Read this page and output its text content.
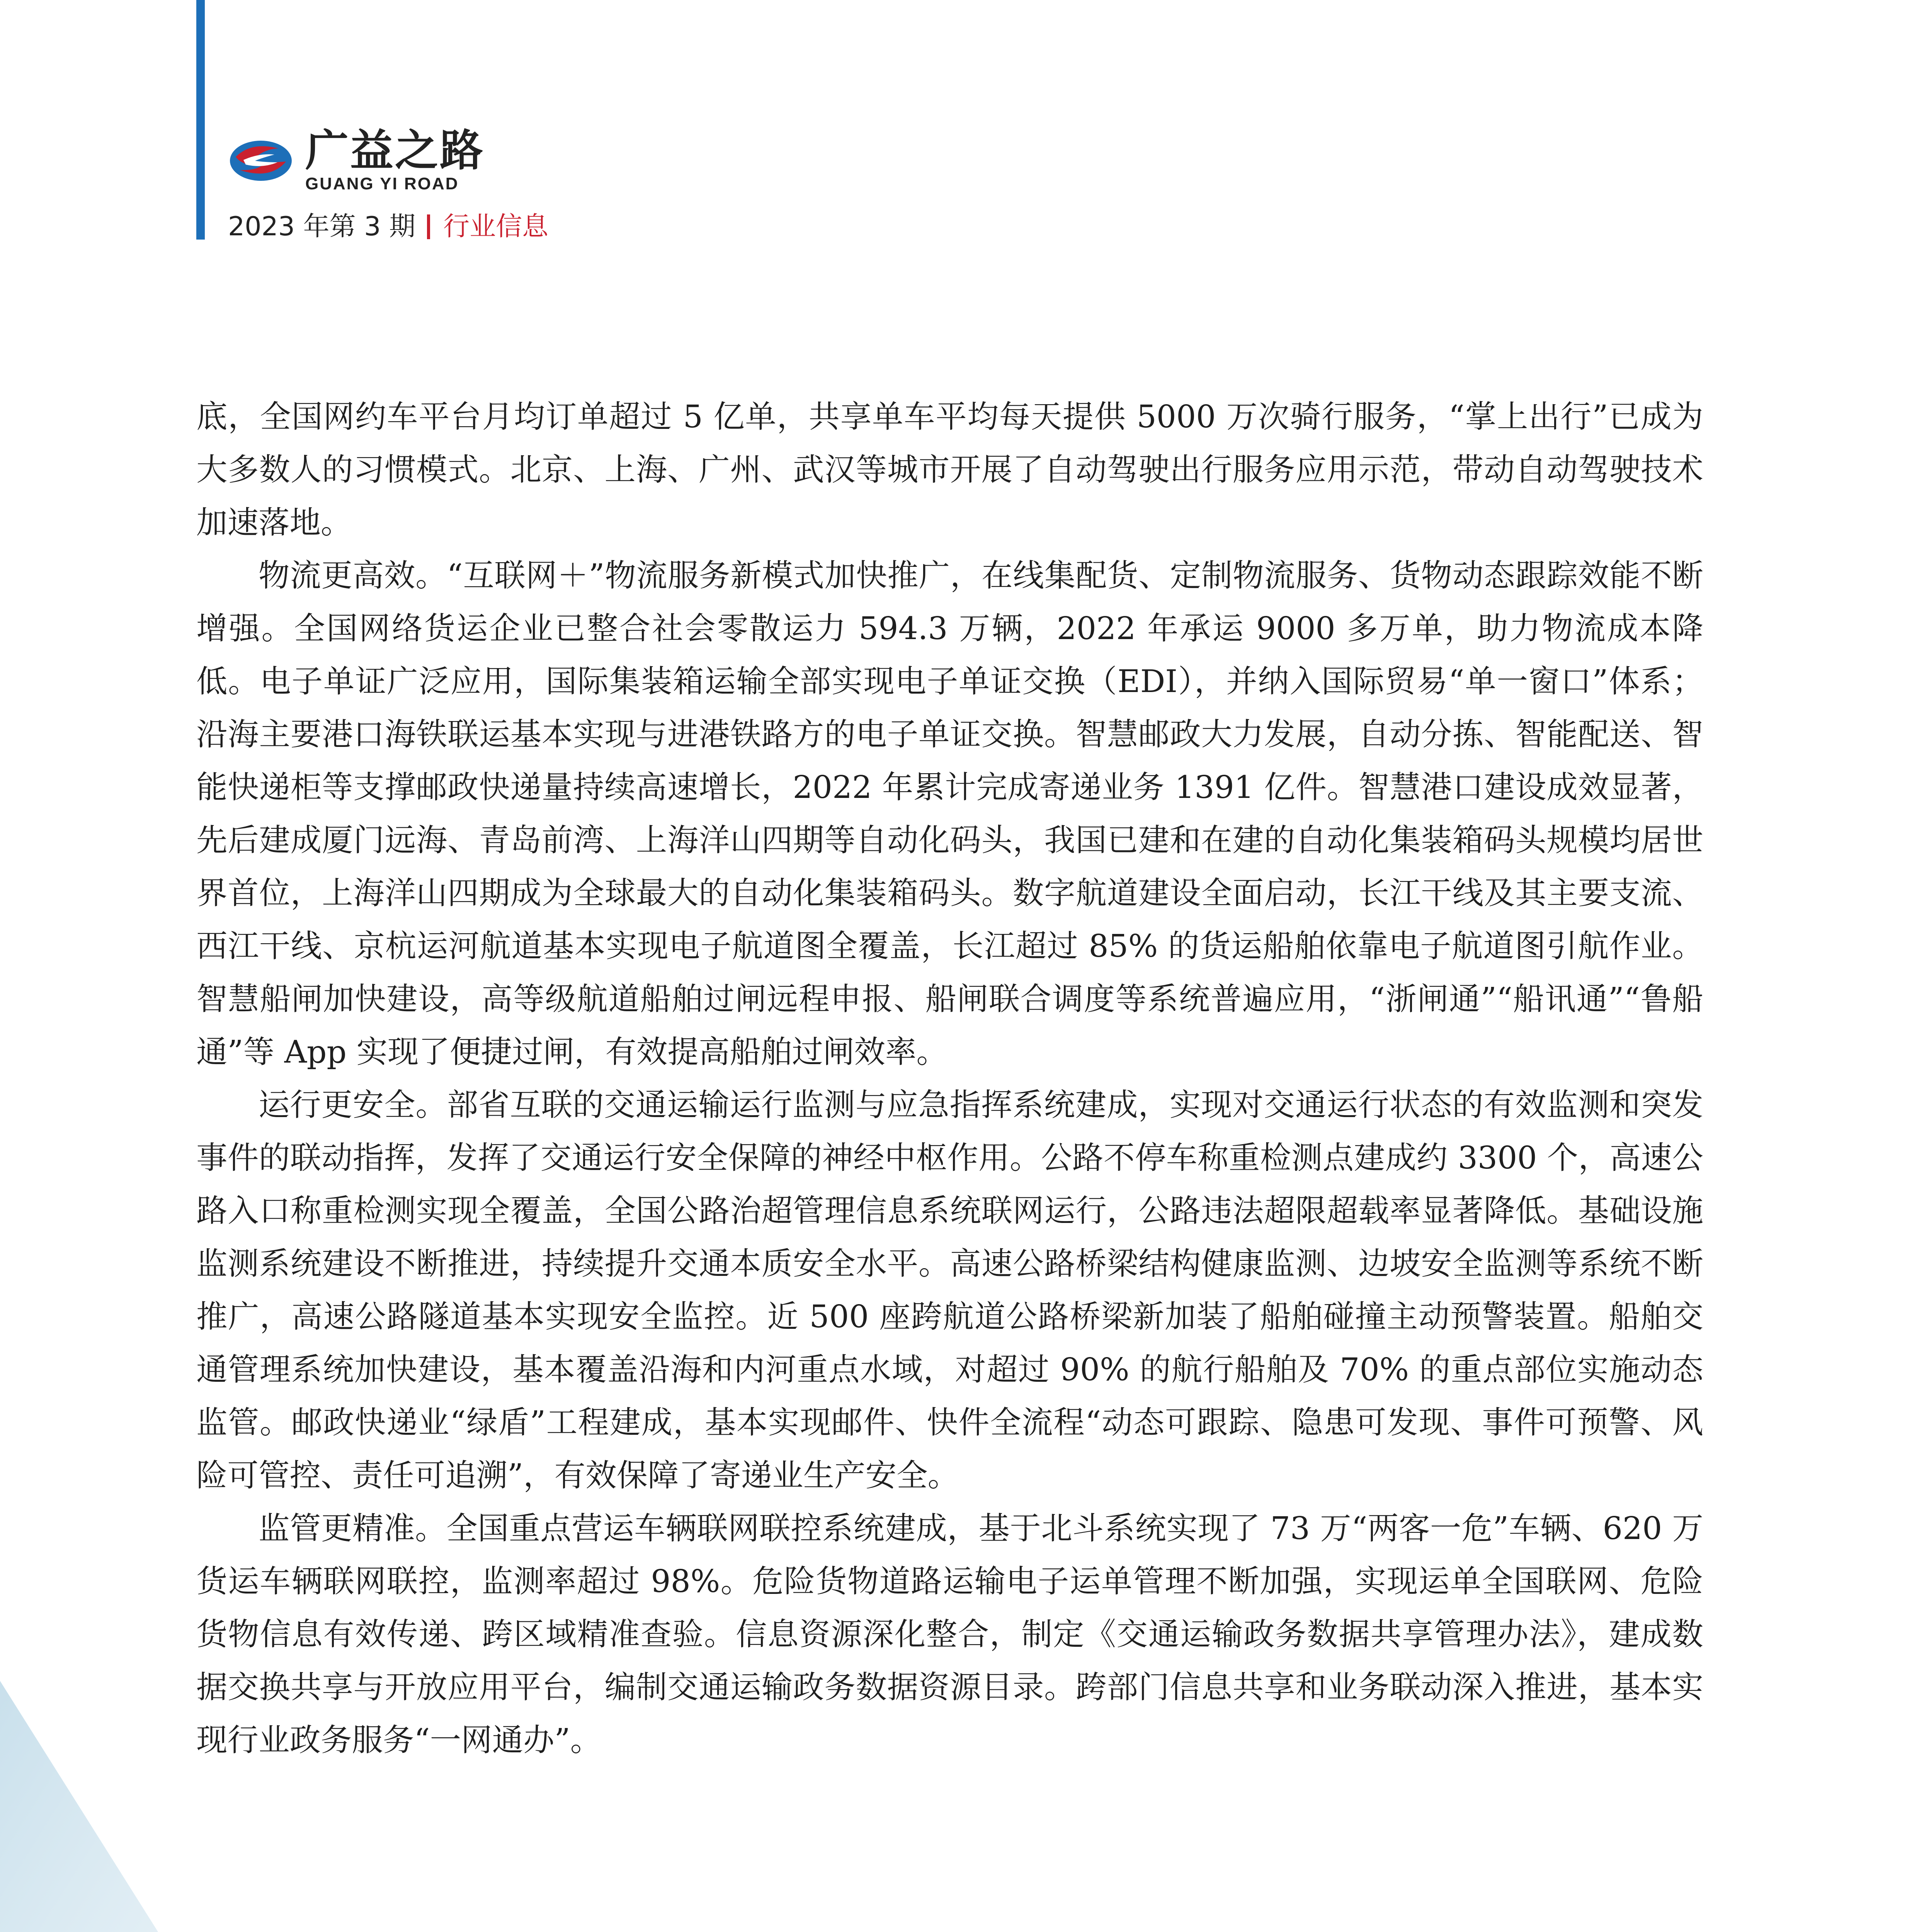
广益之路
GUANG YI ROAD
2023 年第 3 期 行业信息

底，全国网约车平台月均订单超过 5 亿单，共享单车平均每天提供 5000 万次骑行服务，“掌上出行”已成为大多数人的习惯模式。北京、上海、广州、武汉等城市开展了自动驾驶出行服务应用示范，带动自动驾驶技术加速落地。

物流更高效。“互联网＋”物流服务新模式加快推广，在线集配货、定制物流服务、货物动态跟踪效能不断增强。全国网络货运企业已整合社会零散运力 594.3 万辆，2022 年承运 9000 多万单，助力物流成本降低。电子单证广泛应用，国际集装箱运输全部实现电子单证交换（EDI），并纳入国际贸易“单一窗口”体系；沿海主要港口海铁联运基本实现与进港铁路方的电子单证交换。智慧邮政大力发展，自动分拣、智能配送、智能快递柜等支撑邮政快递量持续高速增长，2022 年累计完成寄递业务 1391 亿件。智慧港口建设成效显著，先后建成厦门远海、青岛前湾、上海洋山四期等自动化码头，我国已建和在建的自动化集装箱码头规模均居世界首位，上海洋山四期成为全球最大的自动化集装箱码头。数字航道建设全面启动，长江干线及其主要支流、西江干线、京杭运河航道基本实现电子航道图全覆盖，长江超过 85% 的货运船舶依靠电子航道图引航作业。智慧船闸加快建设，高等级航道船舶过闸远程申报、船闸联合调度等系统普遍应用，“浙闸通”“船讯通”“鲁船通”等 App 实现了便捷过闸，有效提高船舶过闸效率。

运行更安全。部省互联的交通运输运行监测与应急指挥系统建成，实现对交通运行状态的有效监测和突发事件的联动指挥，发挥了交通运行安全保障的神经中枢作用。公路不停车称重检测点建成约 3300 个，高速公路入口称重检测实现全覆盖，全国公路治超管理信息系统联网运行，公路违法超限超载率显著降低。基础设施监测系统建设不断推进，持续提升交通本质安全水平。高速公路桥梁结构健康监测、边坡安全监测等系统不断推广，高速公路隧道基本实现安全监控。近 500 座跨航道公路桥梁新加装了船舶碰撞主动预警装置。船舶交通管理系统加快建设，基本覆盖沿海和内河重点水域，对超过 90% 的航行船舶及 70% 的重点部位实施动态监管。邮政快递业“绿盾”工程建成，基本实现邮件、快件全流程“动态可跟踪、隐患可发现、事件可预警、风险可管控、责任可追溯”，有效保障了寄递业生产安全。

监管更精准。全国重点营运车辆联网联控系统建成，基于北斗系统实现了 73 万“两客一危”车辆、620 万货运车辆联网联控，监测率超过 98%。危险货物道路运输电子运单管理不断加强，实现运单全国联网、危险货物信息有效传递、跨区域精准查验。信息资源深化整合，制定《交通运输政务数据共享管理办法》，建成数据交换共享与开放应用平台，编制交通运输政务数据资源目录。跨部门信息共享和业务联动深入推进，基本实现行业政务服务“一网通办”。
